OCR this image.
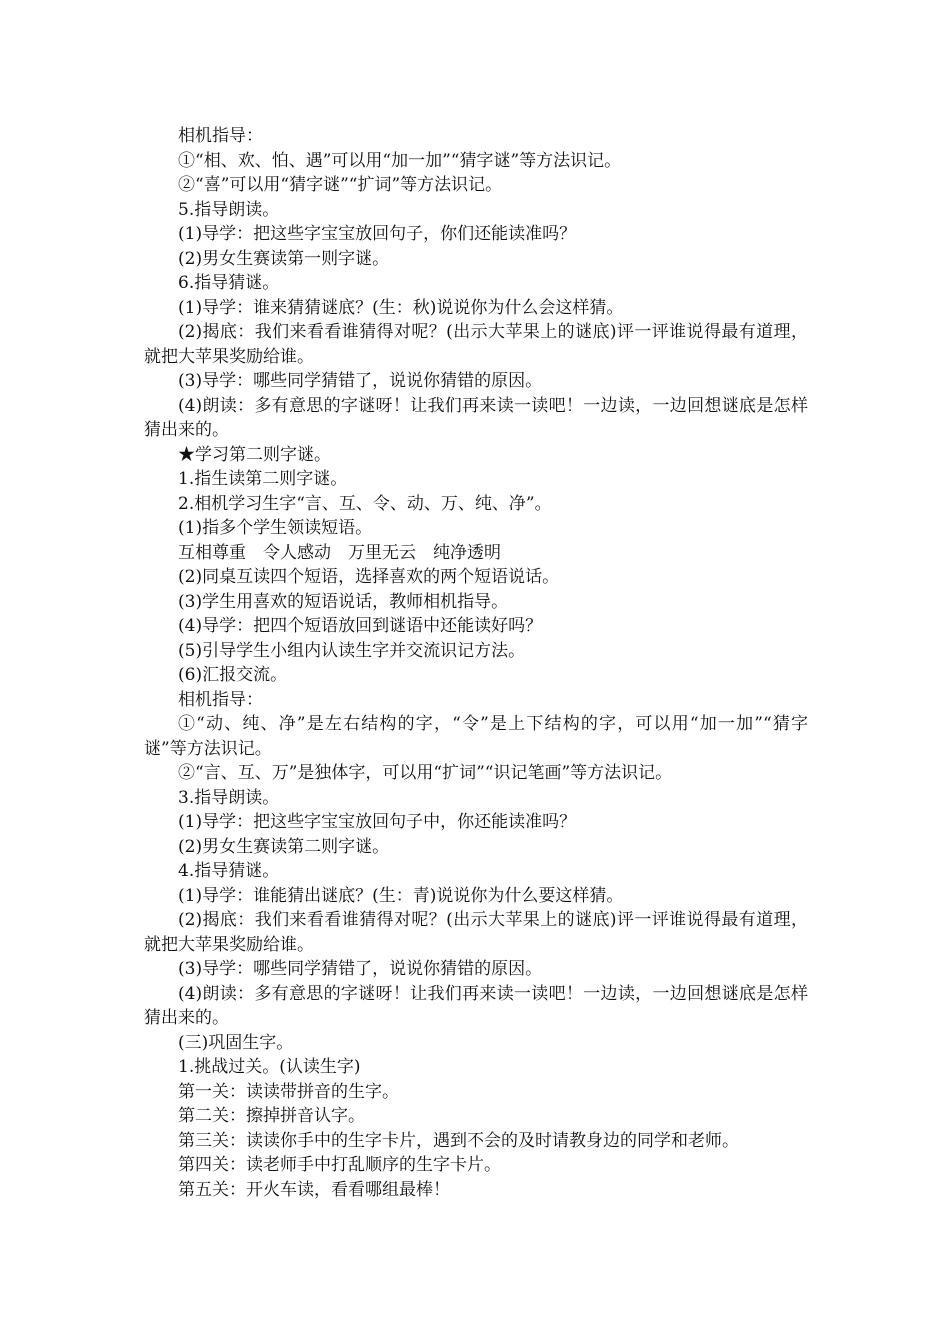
相机指导：

①“相、欢、怕、遇”可以用“加一加”“猜字谜”等方法识记。

②“喜”可以用“猜字谜”“扩词”等方法识记。

5.指导朗读。

(1)导学：把这些字宝宝放回句子，你们还能读准吗？

(2)男女生赛读第一则字谜。

6.指导猜谜。

(1)导学：谁来猜猜谜底？(生：秋)说说你为什么会这样猜。

(2)揭底：我们来看看谁猜得对呢？(出示大苹果上的谜底)评一评谁说得最有道理，就把大苹果奖励给谁。

(3)导学：哪些同学猜错了，说说你猜错的原因。

(4)朗读：多有意思的字谜呀！让我们再来读一读吧！一边读，一边回想谜底是怎样猜出来的。

★学习第二则字谜。

1.指生读第二则字谜。

2.相机学习生字“言、互、令、动、万、纯、净”。

(1)指多个学生领读短语。

互相尊重　令人感动　万里无云　纯净透明

(2)同桌互读四个短语，选择喜欢的两个短语说话。

(3)学生用喜欢的短语说话，教师相机指导。

(4)导学：把四个短语放回到谜语中还能读好吗？

(5)引导学生小组内认读生字并交流识记方法。

(6)汇报交流。

相机指导：

①“动、纯、净”是左右结构的字，“令”是上下结构的字，可以用“加一加”“猜字谜”等方法识记。

②“言、互、万”是独体字，可以用“扩词”“识记笔画”等方法识记。

3.指导朗读。

(1)导学：把这些字宝宝放回句子中，你还能读准吗？

(2)男女生赛读第二则字谜。

4.指导猜谜。

(1)导学：谁能猜出谜底？(生：青)说说你为什么要这样猜。

(2)揭底：我们来看看谁猜得对呢？(出示大苹果上的谜底)评一评谁说得最有道理，就把大苹果奖励给谁。

(3)导学：哪些同学猜错了，说说你猜错的原因。

(4)朗读：多有意思的字谜呀！让我们再来读一读吧！一边读，一边回想谜底是怎样猜出来的。

(三)巩固生字。

1.挑战过关。(认读生字)

第一关：读读带拼音的生字。

第二关：擦掉拼音认字。

第三关：读读你手中的生字卡片，遇到不会的及时请教身边的同学和老师。

第四关：读老师手中打乱顺序的生字卡片。

第五关：开火车读，看看哪组最棒！
